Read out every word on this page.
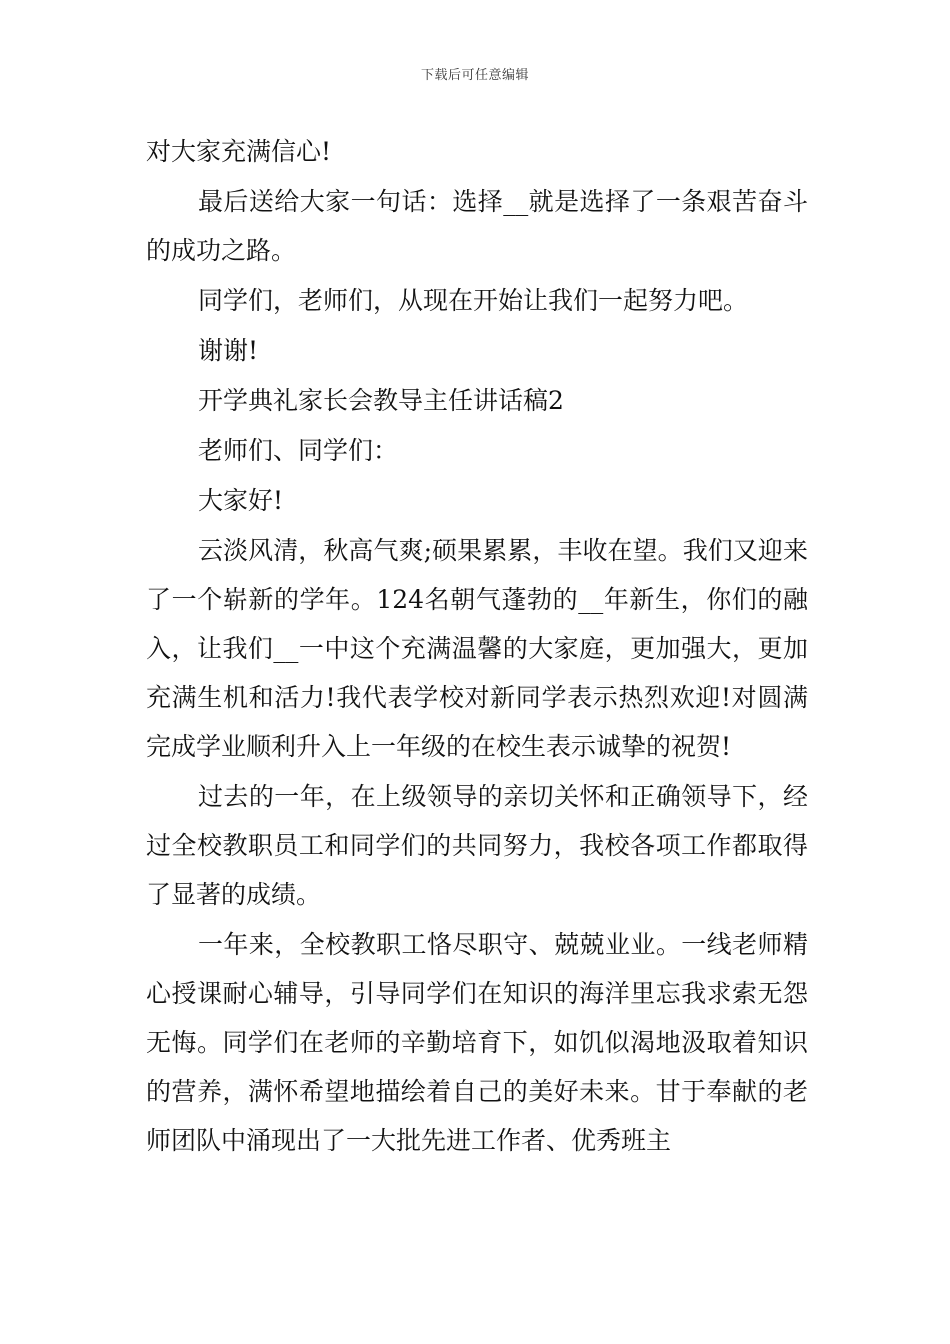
下载后可任意编辑

对大家充满信心!

最后送给大家一句话：选择__就是选择了一条艰苦奋斗的成功之路。

同学们，老师们，从现在开始让我们一起努力吧。

谢谢!

开学典礼家长会教导主任讲话稿2

老师们、同学们：

大家好!

云淡风清，秋高气爽;硕果累累，丰收在望。我们又迎来了一个崭新的学年。124名朝气蓬勃的__年新生，你们的融入，让我们__一中这个充满温馨的大家庭，更加强大，更加充满生机和活力!我代表学校对新同学表示热烈欢迎!对圆满完成学业顺利升入上一年级的在校生表示诚挚的祝贺!

过去的一年，在上级领导的亲切关怀和正确领导下，经过全校教职员工和同学们的共同努力，我校各项工作都取得了显著的成绩。

一年来，全校教职工恪尽职守、兢兢业业。一线老师精心授课耐心辅导，引导同学们在知识的海洋里忘我求索无怨无悔。同学们在老师的辛勤培育下，如饥似渴地汲取着知识的营养，满怀希望地描绘着自己的美好未来。甘于奉献的老师团队中涌现出了一大批先进工作者、优秀班主
